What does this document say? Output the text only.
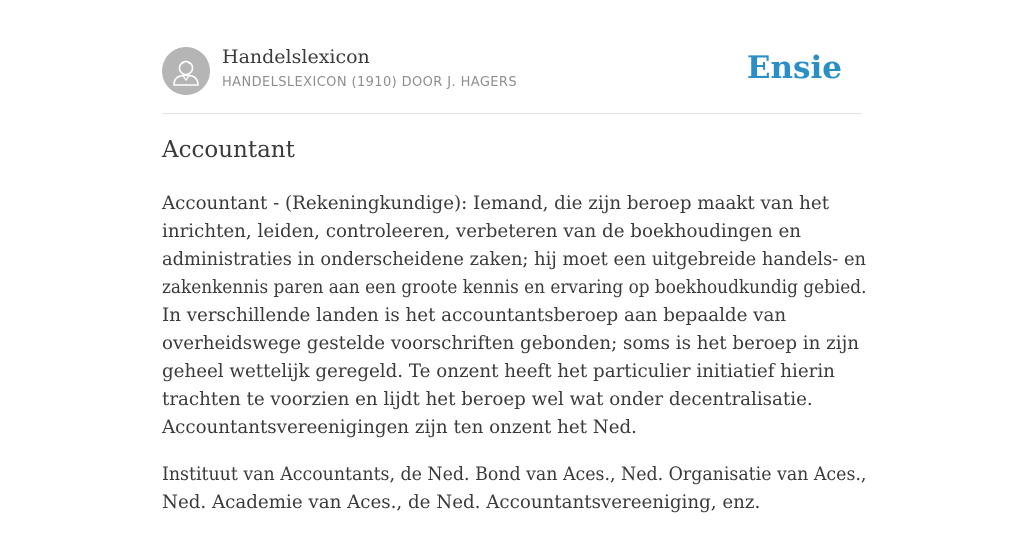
Handelslexicon
HANDELSLEXICON (1910) DOOR J. HAGERS	Ensie
Accountant

Accountant - (Rekeningkundige): Iemand, die zijn beroep maakt van het
inrichten, leiden, controleeren, verbeteren van de boekhoudingen en
administraties in onderscheidene zaken; hij moet een uitgebreide handels- en
zakenkennis paren aan een groote kennis en ervaring op boekhoudkundig gebied.
In verschillende landen is het accountantsberoep aan bepaalde van
overheidswege gestelde voorschriften gebonden; soms is het beroep in zijn
geheel wettelijk geregeld. Te onzent heeft het particulier initiatief hierin
trachten te voorzien en lijdt het beroep wel wat onder decentralisatie.
Accountantsvereenigingen zijn ten onzent het Ned.

Instituut van Accountants, de Ned. Bond van Aces., Ned. Organisatie van Aces.,
Ned. Academie van Aces., de Ned. Accountantsvereeniging, enz.
